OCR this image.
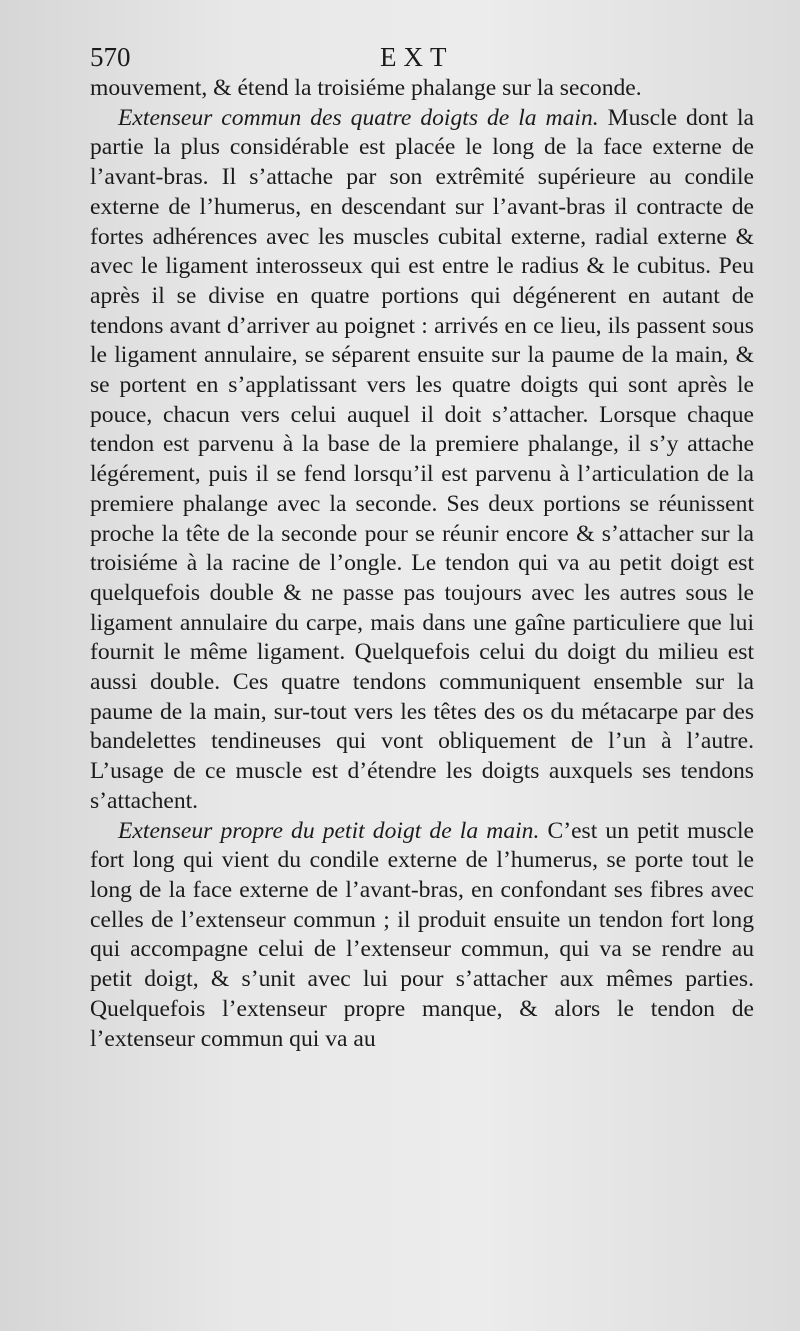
570	EXT

mouvement, & étend la troisiéme phalange sur la seconde.

Extenseur commun des quatre doigts de la main. Muscle dont la partie la plus considérable est placée le long de la face externe de l’avant-bras. Il s’attache par son extrêmité supérieure au condile externe de l’humerus, en descendant sur l’avant-bras il contracte de fortes adhérences avec les muscles cubital externe, radial externe & avec le ligament interosseux qui est entre le radius & le cubitus. Peu après il se divise en quatre portions qui dégénerent en autant de tendons avant d’arriver au poignet : arrivés en ce lieu, ils passent sous le ligament annulaire, se séparent ensuite sur la paume de la main, & se portent en s’applatissant vers les quatre doigts qui sont après le pouce, chacun vers celui auquel il doit s’attacher. Lorsque chaque tendon est parvenu à la base de la premiere phalange, il s’y attache légérement, puis il se fend lorsqu’il est parvenu à l’articulation de la premiere phalange avec la seconde. Ses deux portions se réunissent proche la tête de la seconde pour se réunir encore & s’attacher sur la troisiéme à la racine de l’ongle. Le tendon qui va au petit doigt est quelquefois double & ne passe pas toujours avec les autres sous le ligament annulaire du carpe, mais dans une gaîne particuliere que lui fournit le même ligament. Quelquefois celui du doigt du milieu est aussi double. Ces quatre tendons communiquent ensemble sur la paume de la main, sur-tout vers les têtes des os du métacarpe par des bandelettes tendineuses qui vont obliquement de l’un à l’autre. L’usage de ce muscle est d’étendre les doigts auxquels ses tendons s’attachent.

Extenseur propre du petit doigt de la main. C’est un petit muscle fort long qui vient du condile externe de l’humerus, se porte tout le long de la face externe de l’avant-bras, en confondant ses fibres avec celles de l’extenseur commun ; il produit ensuite un tendon fort long qui accompagne celui de l’extenseur commun, qui va se rendre au petit doigt, & s’unit avec lui pour s’attacher aux mêmes parties. Quelquefois l’extenseur propre manque, & alors le tendon de l’extenseur commun qui va au
